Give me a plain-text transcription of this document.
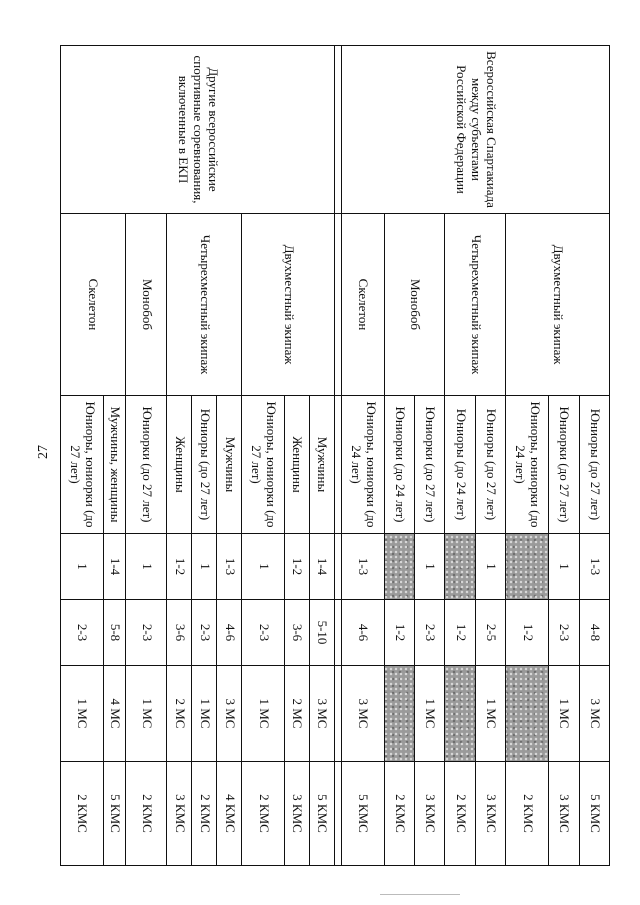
27
Всероссийская Спартакиада между субъектами Российской Федерации	Двухместный экипаж	Юниоры (до 27 лет)	1-3	4-8	3 МС	5 КМС
		Юниорки (до 27 лет)	1	2-3	1 МС	3 КМС
		Юниоры, юниорки (до 24 лет)		1-2		2 КМС
	Четырехместный экипаж	Юниоры (до 27 лет)	1	2-5	1 МС	3 КМС
		Юниоры (до 24 лет)		1-2		2 КМС
	Монобоб	Юниорки (до 27 лет)	1	2-3	1 МС	3 КМС
		Юниорки (до 24 лет)		1-2		2 КМС
	Скелетон	Юниоры, юниорки (до 24 лет)	1-3	4-6	3 МС	5 КМС

Другие всероссийские спортивные соревнования, включенные в ЕКП	Двухместный экипаж	Мужчины	1-4	5-10	3 МС	5 КМС
		Женщины	1-2	3-6	2 МС	3 КМС
		Юниоры, юниорки (до 27 лет)	1	2-3	1 МС	2 КМС
	Четырехместный экипаж	Мужчины	1-3	4-6	3 МС	4 КМС
		Юниоры (до 27 лет)	1	2-3	1 МС	2 КМС
		Женщины	1-2	3-6	2 МС	3 КМС
	Монобоб	Юниорки (до 27 лет)	1	2-3	1 МС	2 КМС
	Скелетон	Мужчины, женщины	1-4	5-8	4 МС	5 КМС
		Юниоры, юниорки (до 27 лет)	1	2-3	1 МС	2 КМС
